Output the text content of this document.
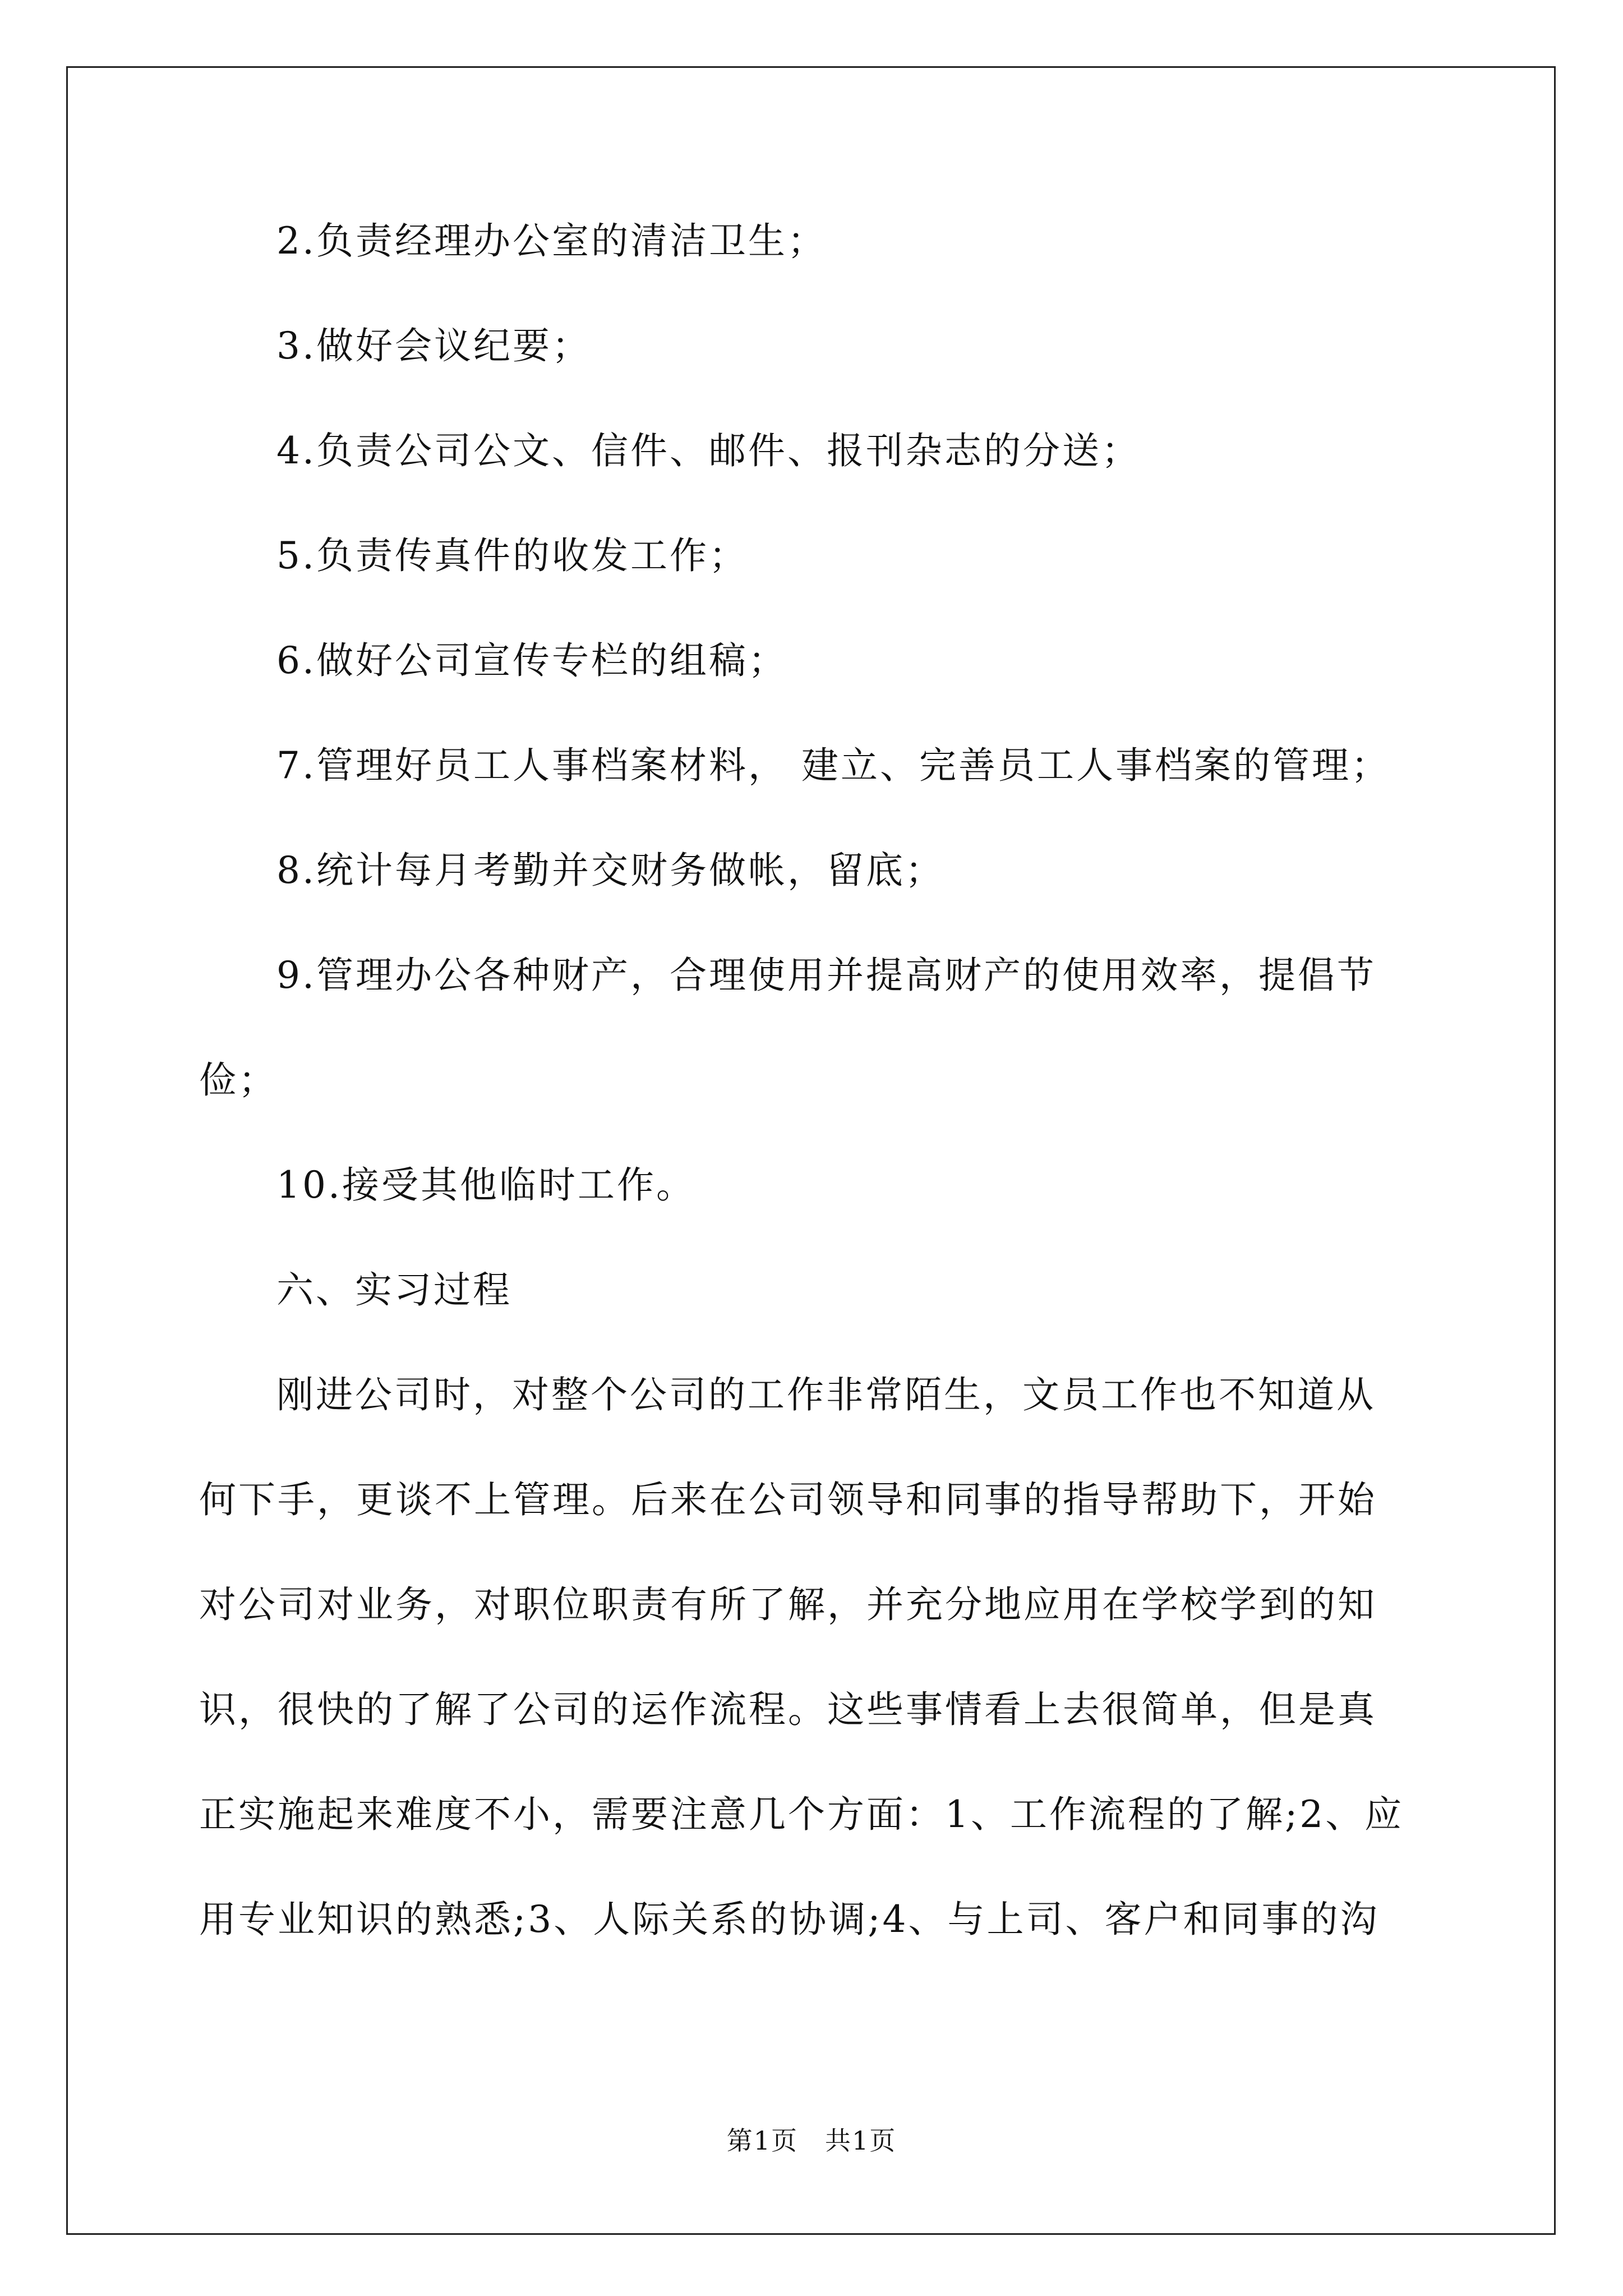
2.负责经理办公室的清洁卫生；
3.做好会议纪要；
4.负责公司公文、信件、邮件、报刊杂志的分送；
5.负责传真件的收发工作；
6.做好公司宣传专栏的组稿；
7.管理好员工人事档案材料， 建立、完善员工人事档案的管理；
8.统计每月考勤并交财务做帐，留底；
9.管理办公各种财产，合理使用并提高财产的使用效率，提倡节
俭；
10.接受其他临时工作。
六、实习过程
刚进公司时，对整个公司的工作非常陌生，文员工作也不知道从
何下手，更谈不上管理。后来在公司领导和同事的指导帮助下，开始
对公司对业务，对职位职责有所了解，并充分地应用在学校学到的知
识，很快的了解了公司的运作流程。这些事情看上去很简单，但是真
正实施起来难度不小，需要注意几个方面：1、工作流程的了解;2、应
用专业知识的熟悉;3、人际关系的协调;4、与上司、客户和同事的沟
第1页　共1页
